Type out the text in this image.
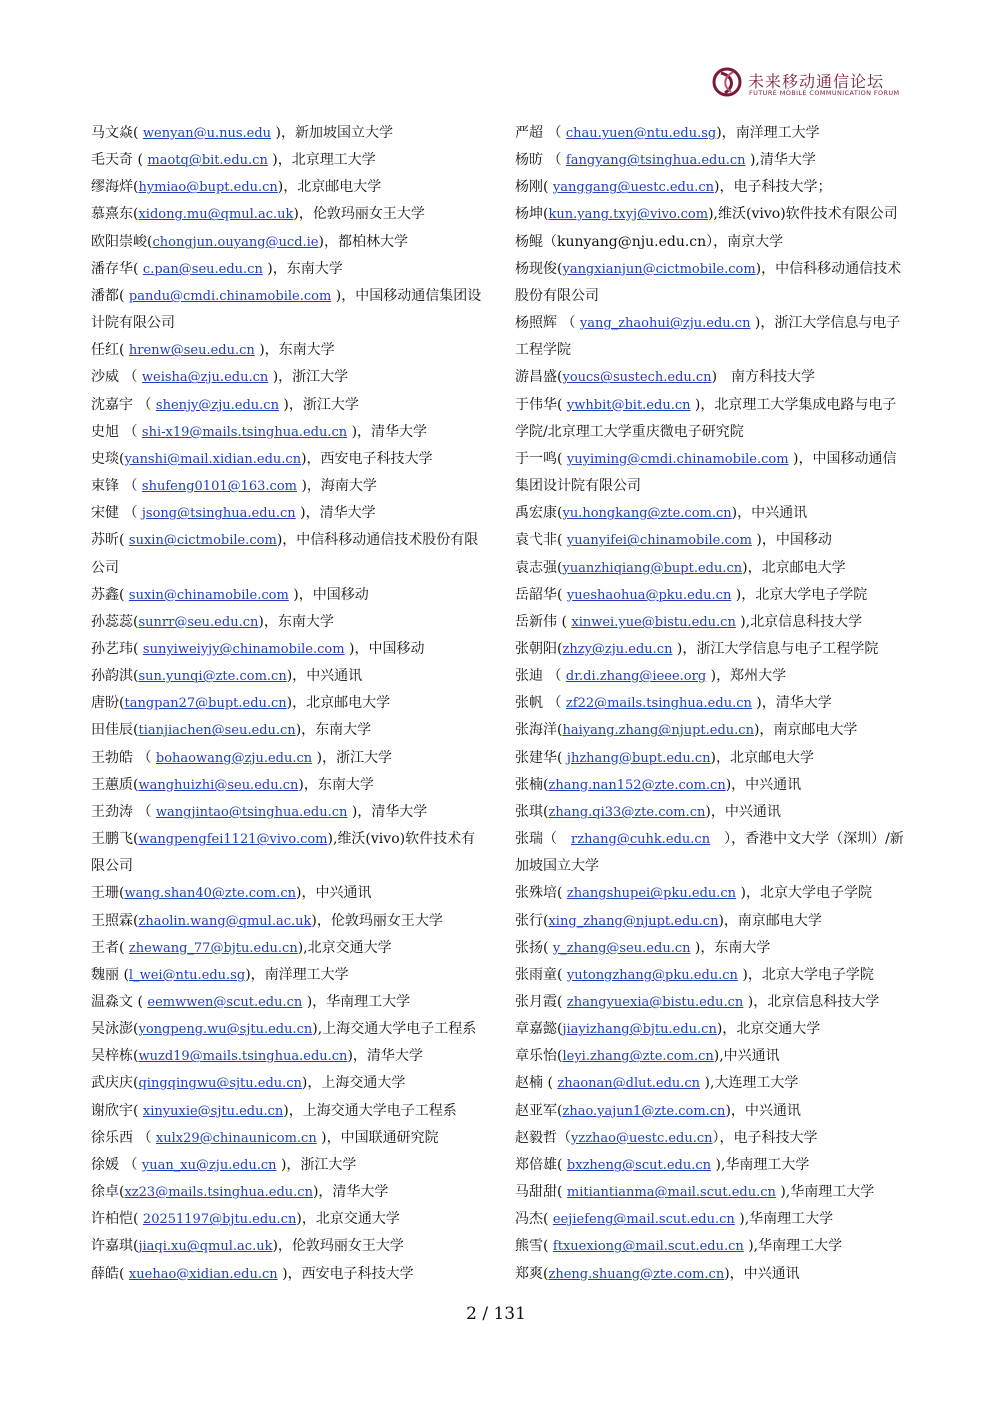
未来移动通信论坛
FUTURE MOBILE COMMUNICATION FORUM
马文焱( wenyan@u.nus.edu )，新加坡国立大学
毛天奇 ( maotq@bit.edu.cn )，北京理工大学
缪海烊(hymiao@bupt.edu.cn)，北京邮电大学
慕熹东(xidong.mu@qmul.ac.uk)，伦敦玛丽女王大学
欧阳崇峻(chongjun.ouyang@ucd.ie)，都柏林大学
潘存华( c.pan@seu.edu.cn )，东南大学
潘都( pandu@cmdi.chinamobile.com )，中国移动通信集团设计院有限公司
任红( hrenw@seu.edu.cn )，东南大学
沙威 （ weisha@zju.edu.cn )，浙江大学
沈嘉宇 （ shenjy@zju.edu.cn )，浙江大学
史旭 （ shi-x19@mails.tsinghua.edu.cn )，清华大学
史琰(yanshi@mail.xidian.edu.cn)，西安电子科技大学
束锋 （ shufeng0101@163.com )，海南大学
宋健 （ jsong@tsinghua.edu.cn )，清华大学
苏昕( suxin@cictmobile.com)，中信科移动通信技术股份有限公司
苏鑫( suxin@chinamobile.com )，中国移动
孙蕊蕊(sunrr@seu.edu.cn)，东南大学
孙艺玮( sunyiweiyjy@chinamobile.com )，中国移动
孙韵淇(sun.yunqi@zte.com.cn)，中兴通讯
唐盼(tangpan27@bupt.edu.cn)，北京邮电大学
田佳辰(tianjiachen@seu.edu.cn)，东南大学
王勃皓 （ bohaowang@zju.edu.cn )，浙江大学
王蕙质(wanghuizhi@seu.edu.cn)，东南大学
王劲涛 （ wangjintao@tsinghua.edu.cn )，清华大学
王鹏飞(wangpengfei1121@vivo.com),维沃(vivo)软件技术有限公司
王珊(wang.shan40@zte.com.cn)，中兴通讯
王照霖(zhaolin.wang@qmul.ac.uk)，伦敦玛丽女王大学
王者( zhewang_77@bjtu.edu.cn),北京交通大学
魏丽 (l_wei@ntu.edu.sg)，南洋理工大学
温淼文 ( eemwwen@scut.edu.cn )，华南理工大学
吴泳澎(yongpeng.wu@sjtu.edu.cn),上海交通大学电子工程系
吴梓栋(wuzd19@mails.tsinghua.edu.cn)，清华大学
武庆庆(qingqingwu@sjtu.edu.cn)，上海交通大学
谢欣宇( xinyuxie@sjtu.edu.cn)，上海交通大学电子工程系
徐乐西 （ xulx29@chinaunicom.cn )，中国联通研究院
徐媛 （ yuan_xu@zju.edu.cn )，浙江大学
徐卓(xz23@mails.tsinghua.edu.cn)，清华大学
许柏恺( 20251197@bjtu.edu.cn)，北京交通大学
许嘉琪(jiaqi.xu@qmul.ac.uk)，伦敦玛丽女王大学
薛皓( xuehao@xidian.edu.cn )，西安电子科技大学
严超 （ chau.yuen@ntu.edu.sg)，南洋理工大学
杨昉 （ fangyang@tsinghua.edu.cn ),清华大学
杨刚( yanggang@uestc.edu.cn)，电子科技大学；
杨坤(kun.yang.txyj@vivo.com),维沃(vivo)软件技术有限公司
杨鲲（kunyang@nju.edu.cn），南京大学
杨现俊(yangxianjun@cictmobile.com)，中信科移动通信技术股份有限公司
杨照辉 （ yang_zhaohui@zju.edu.cn )，浙江大学信息与电子工程学院
游昌盛(youcs@sustech.edu.cn)　南方科技大学
于伟华( ywhbit@bit.edu.cn )，北京理工大学集成电路与电子学院/北京理工大学重庆微电子研究院
于一鸣( yuyiming@cmdi.chinamobile.com )，中国移动通信集团设计院有限公司
禹宏康(yu.hongkang@zte.com.cn)，中兴通讯
袁弋非( yuanyifei@chinamobile.com )，中国移动
袁志强(yuanzhiqiang@bupt.edu.cn)，北京邮电大学
岳韶华( yueshaohua@pku.edu.cn )，北京大学电子学院
岳新伟 ( xinwei.yue@bistu.edu.cn ),北京信息科技大学
张朝阳(zhzy@zju.edu.cn )，浙江大学信息与电子工程学院
张迪 （ dr.di.zhang@ieee.org )，郑州大学
张帆 （ zf22@mails.tsinghua.edu.cn )，清华大学
张海洋(haiyang.zhang@njupt.edu.cn)，南京邮电大学
张建华( jhzhang@bupt.edu.cn)，北京邮电大学
张楠(zhang.nan152@zte.com.cn)，中兴通讯
张琪(zhang.qi33@zte.com.cn)，中兴通讯
张瑞（　rzhang@cuhk.edu.cn　），香港中文大学（深圳）/新加坡国立大学
张殊培( zhangshupei@pku.edu.cn )，北京大学电子学院
张行(xing_zhang@njupt.edu.cn)，南京邮电大学
张扬( y_zhang@seu.edu.cn )，东南大学
张雨童( yutongzhang@pku.edu.cn )，北京大学电子学院
张月霞( zhangyuexia@bistu.edu.cn )，北京信息科技大学
章嘉懿(jiayizhang@bjtu.edu.cn)，北京交通大学
章乐怡(leyi.zhang@zte.com.cn),中兴通讯
赵楠 ( zhaonan@dlut.edu.cn ),大连理工大学
赵亚军(zhao.yajun1@zte.com.cn)，中兴通讯
赵毅哲（yzzhao@uestc.edu.cn），电子科技大学
郑倍雄( bxzheng@scut.edu.cn ),华南理工大学
马甜甜( mitiantianma@mail.scut.edu.cn ),华南理工大学
冯杰( eejiefeng@mail.scut.edu.cn ),华南理工大学
熊雪( ftxuexiong@mail.scut.edu.cn ),华南理工大学
郑爽(zheng.shuang@zte.com.cn)，中兴通讯
2 / 131
